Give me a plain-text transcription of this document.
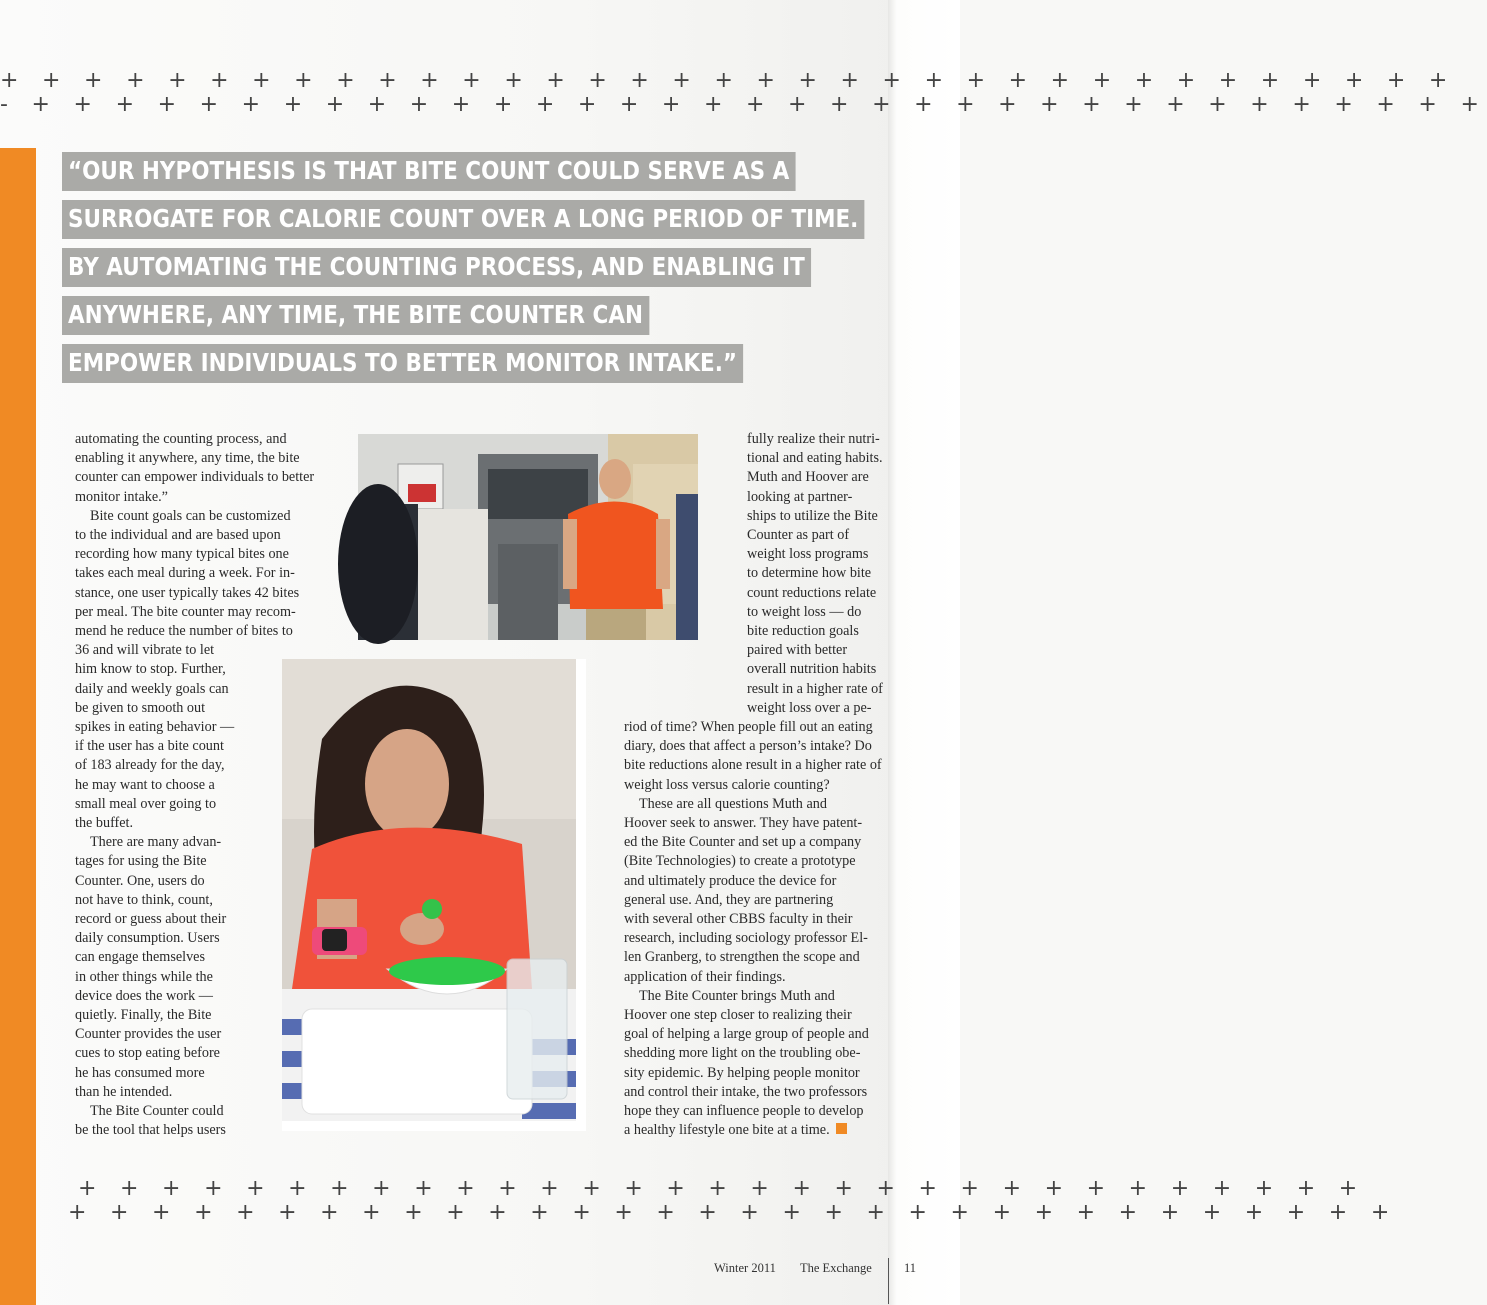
+ + + + + + + + + + + + + + + + + + + + + + + + + + + + + + + + + + +
- + + + + + + + + + + + + + + + + + + + + + + + + + + + + + + + + + + +
“OUR HYPOTHESIS IS THAT BITE COUNT COULD SERVE AS A
SURROGATE FOR CALORIE COUNT OVER A LONG PERIOD OF TIME.
BY AUTOMATING THE COUNTING PROCESS, AND ENABLING IT
ANYWHERE, ANY TIME, THE BITE COUNTER CAN
EMPOWER INDIVIDUALS TO BETTER MONITOR INTAKE.”

automating the counting process, and

enabling it anywhere, any time, the bite

counter can empower individuals to better

monitor intake.”

Bite count goals can be customized

to the individual and are based upon

recording how many typical bites one

takes each meal during a week. For in-

stance, one user typically takes 42 bites

per meal. The bite counter may recom-

mend he reduce the number of bites to

36 and will vibrate to let

him know to stop. Further,

daily and weekly goals can

be given to smooth out

spikes in eating behavior —

if the user has a bite count

of 183 already for the day,

he may want to choose a

small meal over going to

the buffet.

There are many advan-

tages for using the Bite

Counter. One, users do

not have to think, count,

record or guess about their

daily consumption. Users

can engage themselves

in other things while the

device does the work —

quietly. Finally, the Bite

Counter provides the user

cues to stop eating before

he has consumed more

than he intended.

The Bite Counter could

be the tool that helps users

fully realize their nutri-

tional and eating habits.

Muth and Hoover are

looking at partner-

ships to utilize the Bite

Counter as part of

weight loss programs

to determine how bite

count reductions relate

to weight loss — do

bite reduction goals

paired with better

overall nutrition habits

result in a higher rate of

weight loss over a pe-

riod of time? When people fill out an eating

diary, does that affect a person’s intake? Do

bite reductions alone result in a higher rate of

weight loss versus calorie counting?

These are all questions Muth and

Hoover seek to answer. They have patent-

ed the Bite Counter and set up a company

(Bite Technologies) to create a prototype

and ultimately produce the device for

general use. And, they are partnering

with several other CBBS faculty in their

research, including sociology professor El-

len Granberg, to strengthen the scope and

application of their findings.

The Bite Counter brings Muth and

Hoover one step closer to realizing their

goal of helping a large group of people and

shedding more light on the troubling obe-

sity epidemic. By helping people monitor

and control their intake, the two professors

hope they can influence people to develop

a healthy lifestyle one bite at a time.

+ + + + + + + + + + + + + + + + + + + + + + + + + + + + + + +
+ + + + + + + + + + + + + + + + + + + + + + + + + + + + + + + +
Winter 2011 The Exchange	11
